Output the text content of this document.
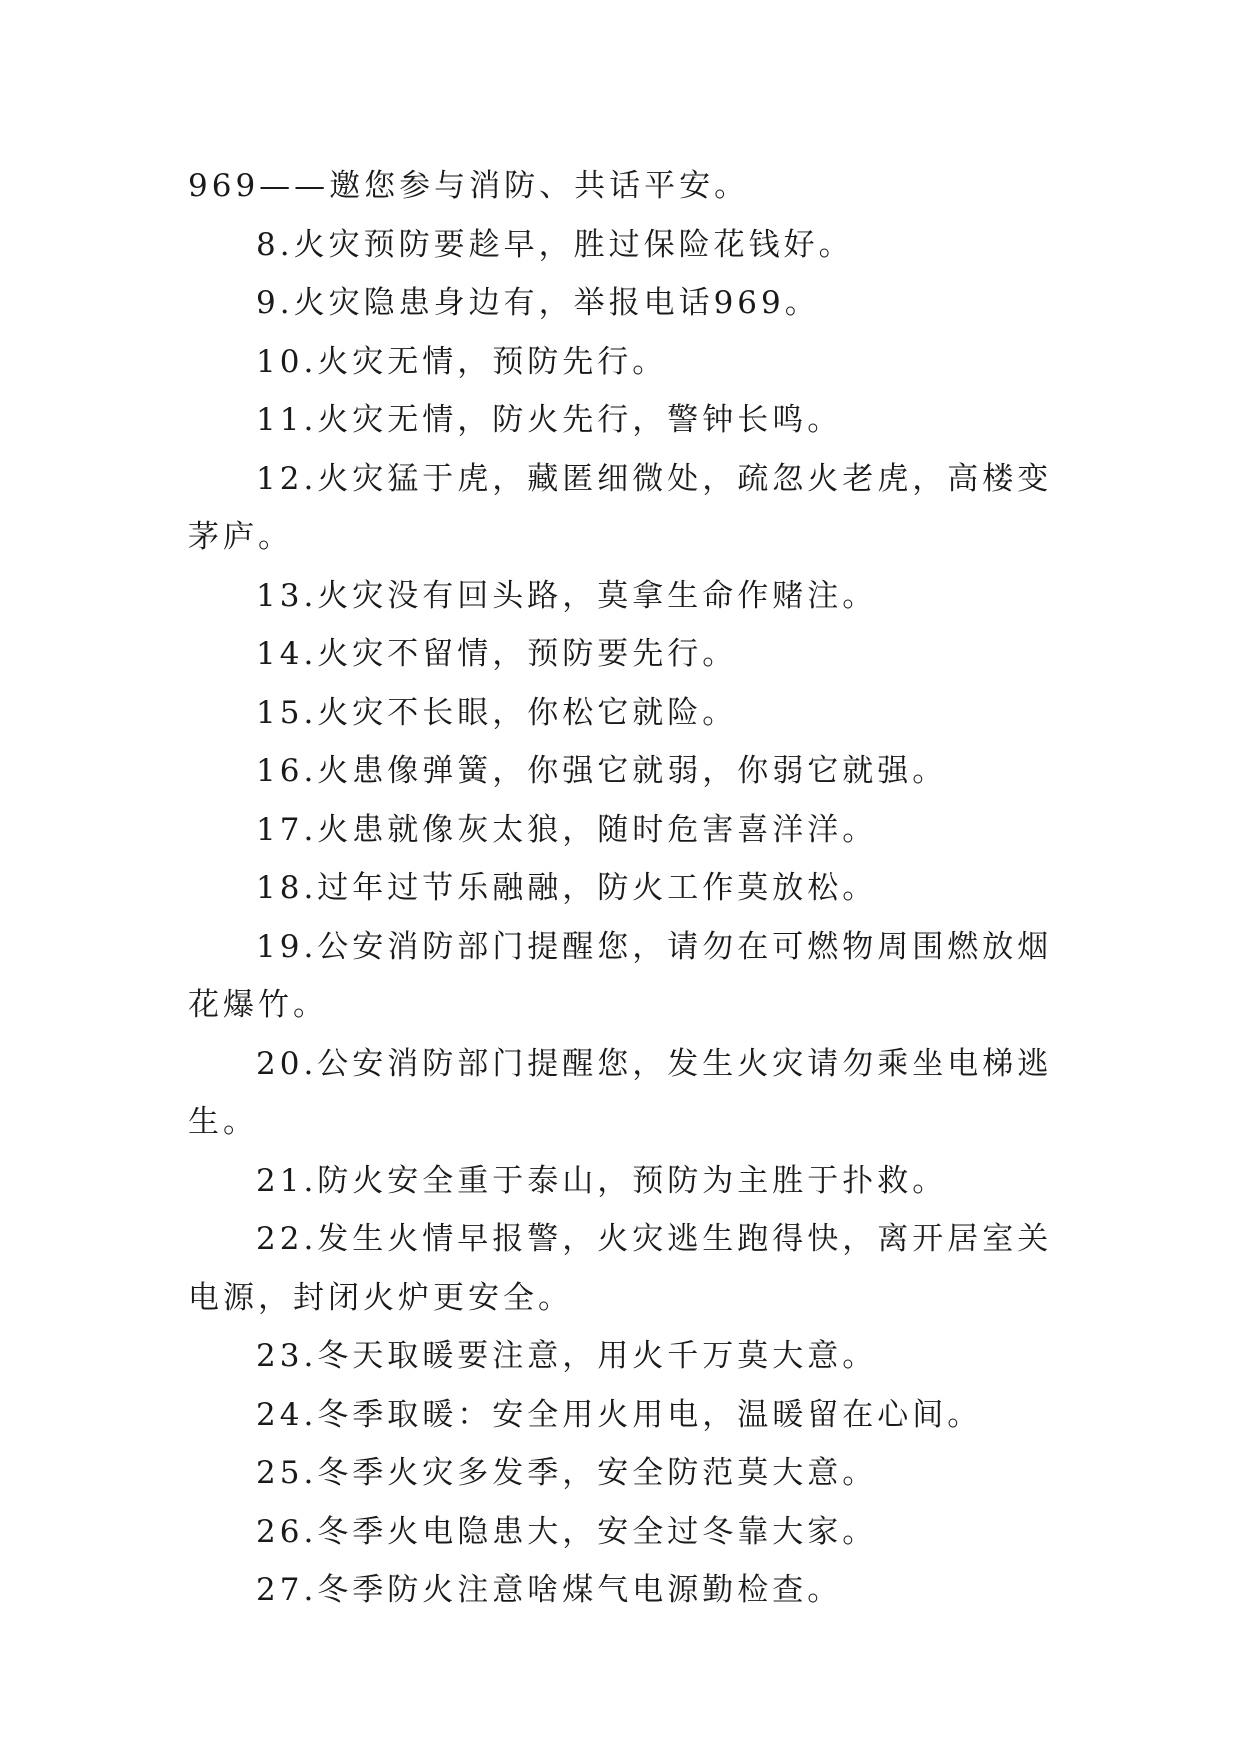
969——邀您参与消防、共话平安。

8.火灾预防要趁早，胜过保险花钱好。

9.火灾隐患身边有，举报电话969。

10.火灾无情，预防先行。

11.火灾无情，防火先行，警钟长鸣。

12.火灾猛于虎，藏匿细微处，疏忽火老虎，高楼变茅庐。

13.火灾没有回头路，莫拿生命作赌注。

14.火灾不留情，预防要先行。

15.火灾不长眼，你松它就险。

16.火患像弹簧，你强它就弱，你弱它就强。

17.火患就像灰太狼，随时危害喜洋洋。

18.过年过节乐融融，防火工作莫放松。

19.公安消防部门提醒您，请勿在可燃物周围燃放烟花爆竹。

20.公安消防部门提醒您，发生火灾请勿乘坐电梯逃生。

21.防火安全重于泰山，预防为主胜于扑救。

22.发生火情早报警，火灾逃生跑得快，离开居室关电源，封闭火炉更安全。

23.冬天取暖要注意，用火千万莫大意。

24.冬季取暖：安全用火用电，温暖留在心间。

25.冬季火灾多发季，安全防范莫大意。

26.冬季火电隐患大，安全过冬靠大家。

27.冬季防火注意啥煤气电源勤检查。
